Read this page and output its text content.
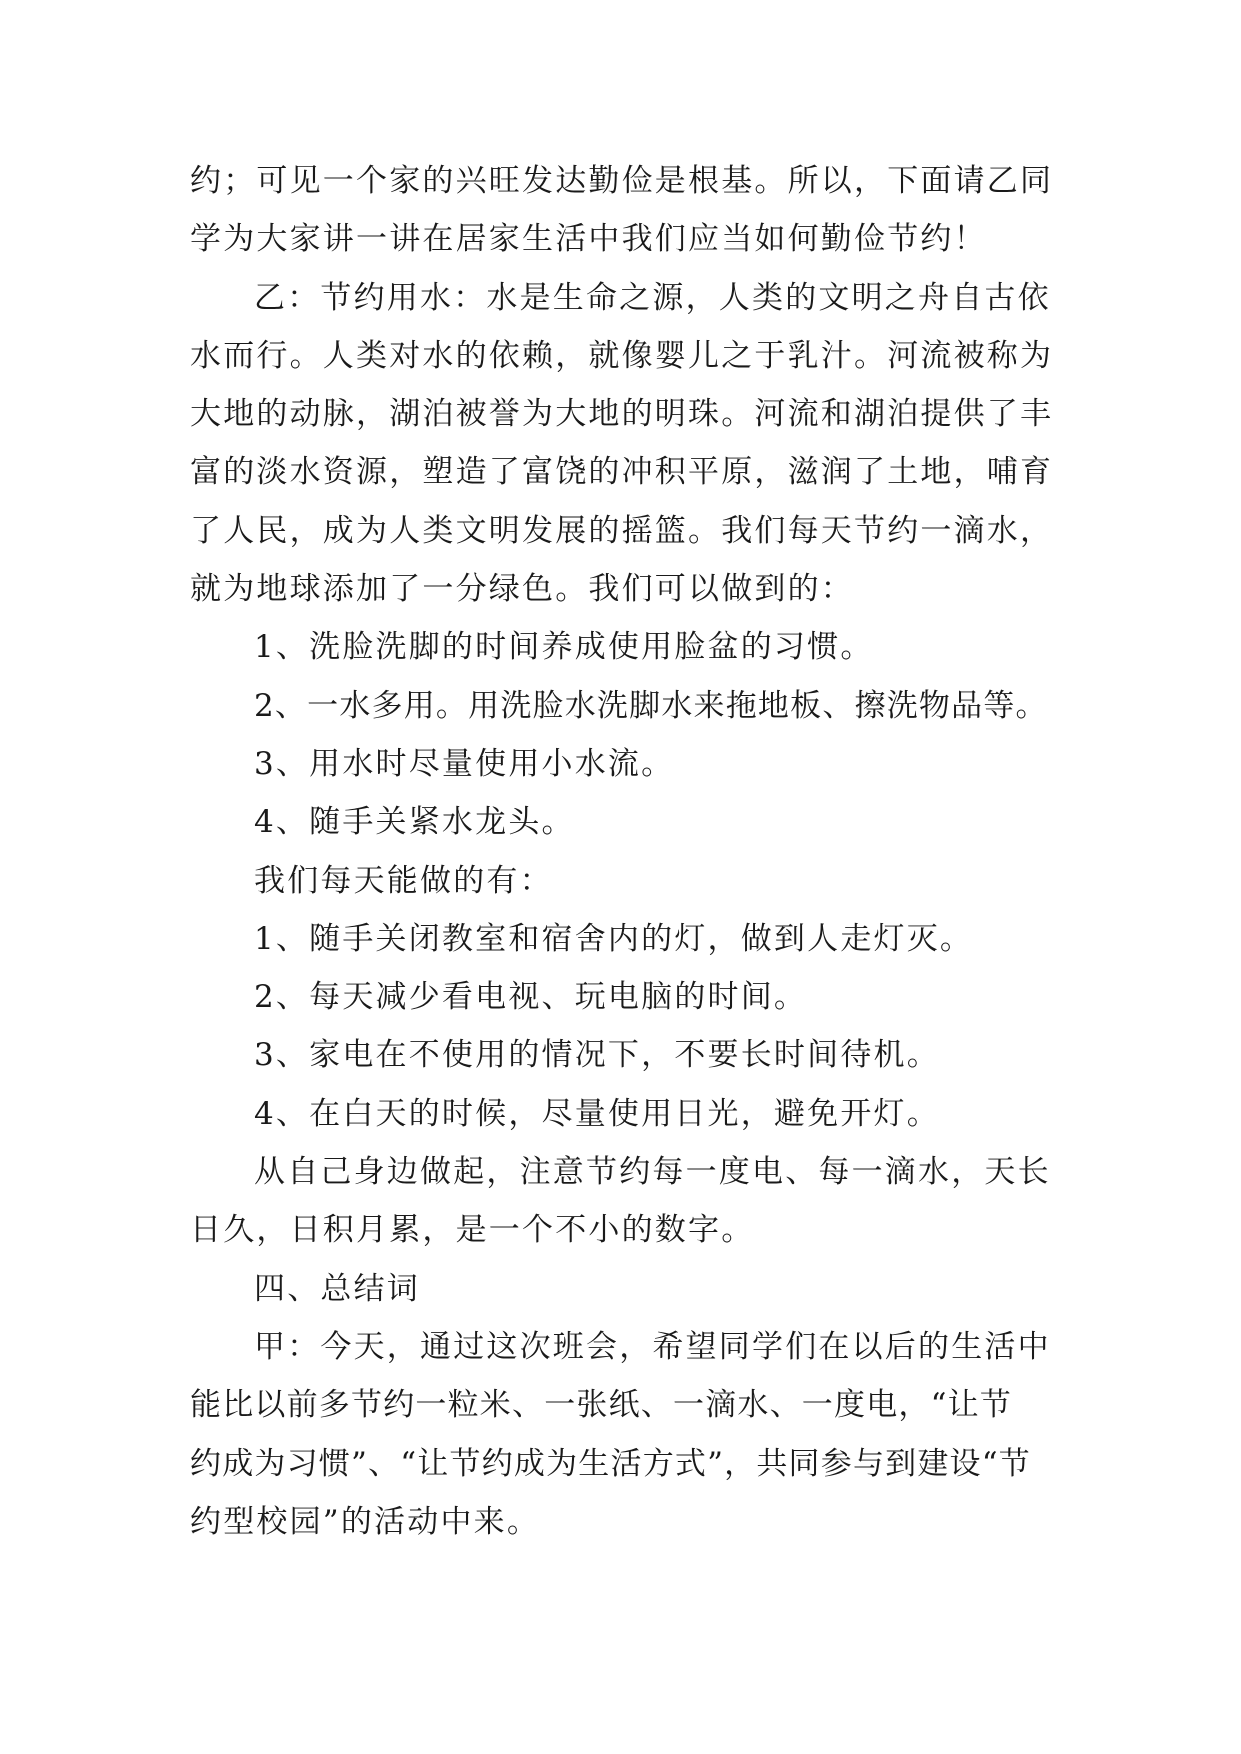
约；可见一个家的兴旺发达勤俭是根基。所以，下面请乙同
学为大家讲一讲在居家生活中我们应当如何勤俭节约！
乙：节约用水：水是生命之源，人类的文明之舟自古依
水而行。人类对水的依赖，就像婴儿之于乳汁。河流被称为
大地的动脉，湖泊被誉为大地的明珠。河流和湖泊提供了丰
富的淡水资源，塑造了富饶的冲积平原，滋润了土地，哺育
了人民，成为人类文明发展的摇篮。我们每天节约一滴水，
就为地球添加了一分绿色。我们可以做到的：
1、洗脸洗脚的时间养成使用脸盆的习惯。
2、一水多用。用洗脸水洗脚水来拖地板、擦洗物品等。
3、用水时尽量使用小水流。
4、随手关紧水龙头。
我们每天能做的有：
1、随手关闭教室和宿舍内的灯，做到人走灯灭。
2、每天减少看电视、玩电脑的时间。
3、家电在不使用的情况下，不要长时间待机。
4、在白天的时候，尽量使用日光，避免开灯。
从自己身边做起，注意节约每一度电、每一滴水，天长
日久，日积月累，是一个不小的数字。
四、总结词
甲：今天，通过这次班会，希望同学们在以后的生活中
能比以前多节约一粒米、一张纸、一滴水、一度电，“让节
约成为习惯”、“让节约成为生活方式”，共同参与到建设“节
约型校园”的活动中来。
